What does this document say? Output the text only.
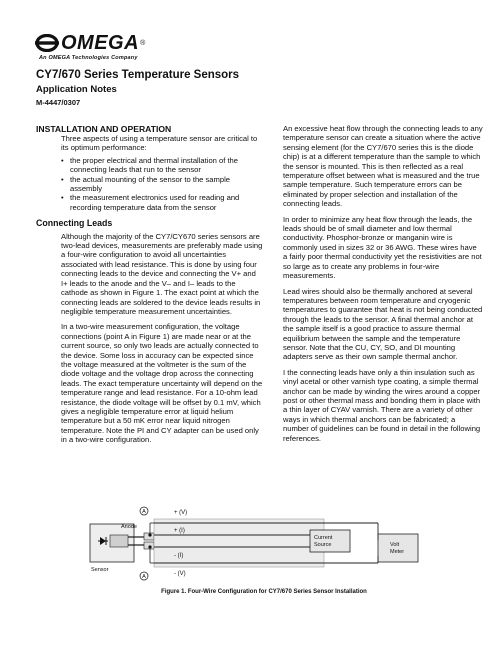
OMEGA ®
An OMEGA Technologies Company
CY7/670 Series Temperature Sensors
Application Notes
M-4447/0307
INSTALLATION AND OPERATION
Three aspects of using a temperature sensor are critical to its optimum performance:
• the proper electrical and thermal installation of the connecting leads that run to the sensor
• the actual mounting of the sensor to the sample assembly
• the measurement electronics used for reading and recording temperature data from the sensor
Connecting Leads
Although the majority of the CY7/CY670 series sensors are two-lead devices, measurements are preferably made using a four-wire configuration to avoid all uncertainties associated with lead resistance. This is done by using four connecting leads to the device and connecting the V+ and I+ leads to the anode and the V– and I– leads to the cathode as shown in Figure 1. The exact point at which the connecting leads are soldered to the device leads results in negligible temperature measurement uncertainties.
In a two-wire measurement configuration, the voltage connections (point A in Figure 1) are made near or at the current source, so only two leads are actually connected to the device. Some loss in accuracy can be expected since the voltage measured at the voltmeter is the sum of the diode voltage and the voltage drop across the connecting leads. The exact temperature uncertainty will depend on the temperature range and lead resistance. For a 10-ohm lead resistance, the diode voltage will be offset by 0.1 mV, which gives a negligible temperature error at liquid helium temperature but a 50 mK error near liquid nitrogen temperature. Note the PI and CY adapter can be used only in a two-wire configuration.
An excessive heat flow through the connecting leads to any temperature sensor can create a situation where the active sensing element (for the CY7/670 series this is the diode chip) is at a different temperature than the sample to which the sensor is mounted. This is then reflected as a real temperature offset between what is measured and the true sample temperature. Such temperature errors can be eliminated by proper selection and installation of the connecting leads.
In order to minimize any heat flow through the leads, the leads should be of small diameter and low thermal conductivity. Phosphor-bronze or manganin wire is commonly used in sizes 32 or 36 AWG. These wires have a fairly poor thermal conductivity yet the resistivities are not so large as to create any problems in four-wire measurements.
Lead wires should also be thermally anchored at several temperatures between room temperature and cryogenic temperatures to guarantee that heat is not being conducted through the leads to the sensor. A final thermal anchor at the sample itself is a good practice to assure thermal equilibrium between the sample and the temperature sensor. Note that the CU, CY, SO, and DI mounting adapters serve as their own sample thermal anchor.
I the connecting leads have only a thin insulation such as vinyl acetal or other varnish type coating, a simple thermal anchor can be made by winding the wires around a copper post or other thermal mass and bonding them in place with a thin layer of CYAV varnish. There are a variety of other ways in which thermal anchors can be fabricated; a number of guidelines can be found in detail in the following references.
+ (V)
+ (I)
- (I)
- (V)
A
A
Anode
Sensor
Current
Source	Volt
Meter
Figure 1. Four-Wire Configuration for CY7/670 Series Sensor Installation
